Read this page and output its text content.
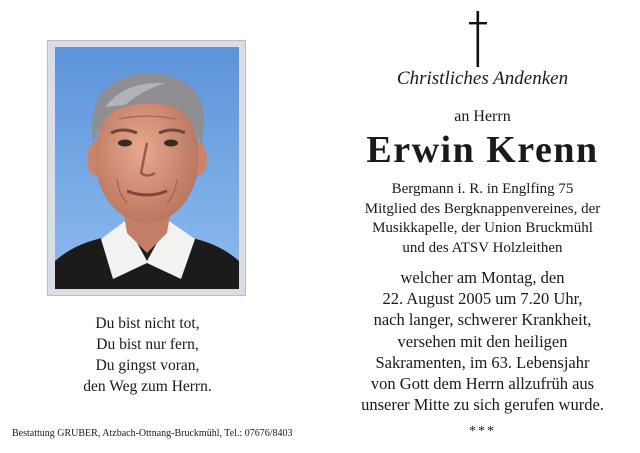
Du bist nicht tot,
Du bist nur fern,
Du gingst voran,
den Weg zum Herrn.
Bestattung GRUBER, Atzbach-Ottnang-Bruckmühl, Tel.: 07676/8403
Christliches Andenken
an Herrn
Erwin Krenn
Bergmann i. R. in Englfing 75
Mitglied des Bergknappenvereines, der
Musikkapelle, der Union Bruckmühl
und des ATSV Holzleithen
welcher am Montag, den
22. August 2005 um 7.20 Uhr,
nach langer, schwerer Krankheit,
versehen mit den heiligen
Sakramenten, im 63. Lebensjahr
von Gott dem Herrn allzufrüh aus
unserer Mitte zu sich gerufen wurde.
***
